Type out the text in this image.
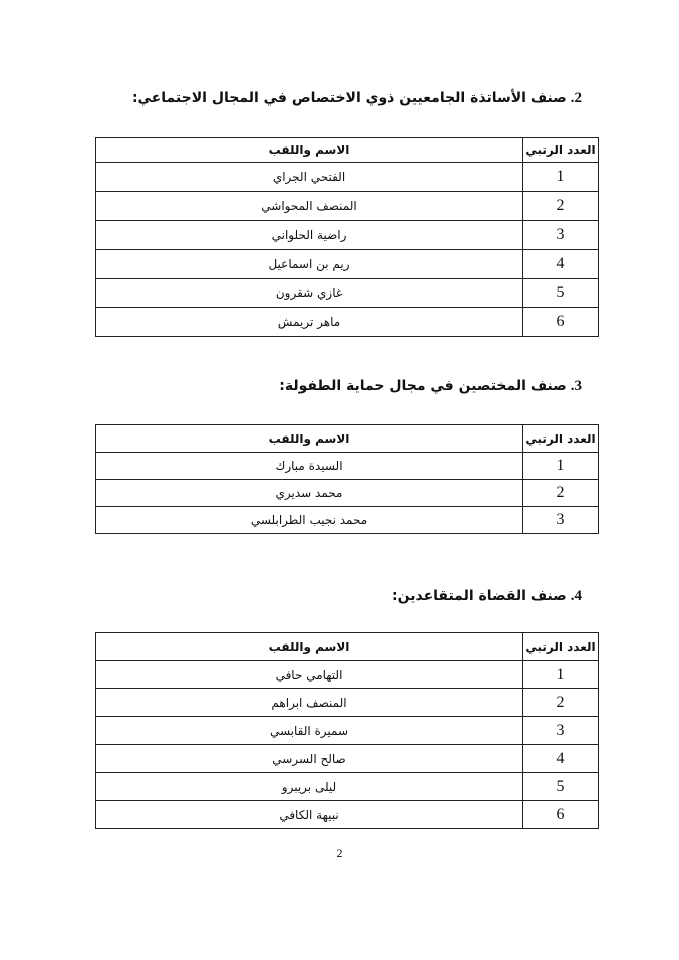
2.صنف الأساتذة الجامعيين ذوي الاختصاص في المجال الاجتماعي:
العدد الرتبي	الاسم واللقب
1	الفتحي الجراي
2	المنصف المحواشي
3	راضية الحلواني
4	ريم بن اسماعيل
5	غازي شقرون
6	ماهر تريمش
3.صنف المختصين في مجال حماية الطفولة:
العدد الرتبي	الاسم واللقب
1	السيدة مبارك
2	محمد سديري
3	محمد نجيب الطرابلسي
4.صنف القضاة المتقاعدين:
العدد الرتبي	الاسم واللقب
1	التهامي حافي
2	المنصف ابراهم
3	سميرة القابسي
4	صالح السرسي
5	ليلى بريبرو
6	نبيهة الكافي
2
